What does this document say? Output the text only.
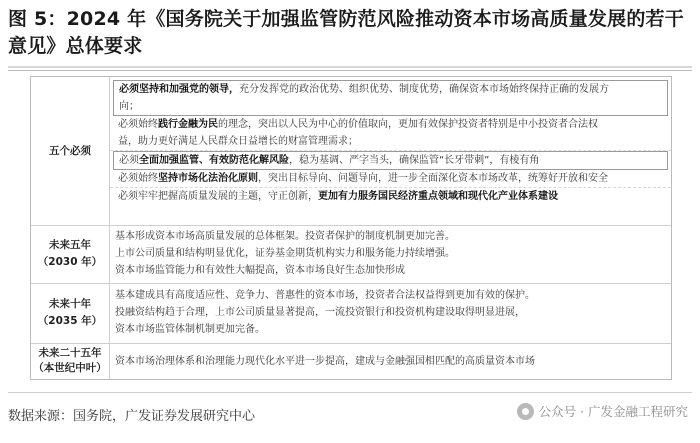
图 5：2024 年《国务院关于加强监管防范风险推动资本市场高质量发展的若干意见》总体要求
五个必须
必须坚持和加强党的领导，充分发挥党的政治优势、组织优势、制度优势，确保资本市场始终保持正确的发展方
向；
必须始终践行金融为民的理念，突出以人民为中心的价值取向，更加有效保护投资者特别是中小投资者合法权
益，助力更好满足人民群众日益增长的财富管理需求；
必须全面加强监管、有效防范化解风险，稳为基调、严字当头，确保监管“长牙带刺”，有棱有角
必须始终坚持市场化法治化原则，突出目标导向、问题导向，进一步全面深化资本市场改革，统筹好开放和安全
必须牢牢把握高质量发展的主题，守正创新，更加有力服务国民经济重点领域和现代化产业体系建设
未来五年
（2030 年）
基本形成资本市场高质量发展的总体框架。投资者保护的制度机制更加完善。
上市公司质量和结构明显优化，证券基金期货机构实力和服务能力持续增强。
资本市场监管能力和有效性大幅提高，资本市场良好生态加快形成
未来十年
（2035 年）
基本建成具有高度适应性、竞争力、普惠性的资本市场，投资者合法权益得到更加有效的保护。
投融资结构趋于合理，上市公司质量显著提高，一流投资银行和投资机构建设取得明显进展，
资本市场监管体制机制更加完备。
未来二十五年
（本世纪中叶）
资本市场治理体系和治理能力现代化水平进一步提高，建成与金融强国相匹配的高质量资本市场
数据来源：国务院，广发证券发展研究中心	公众号 · 广发金融工程研究
